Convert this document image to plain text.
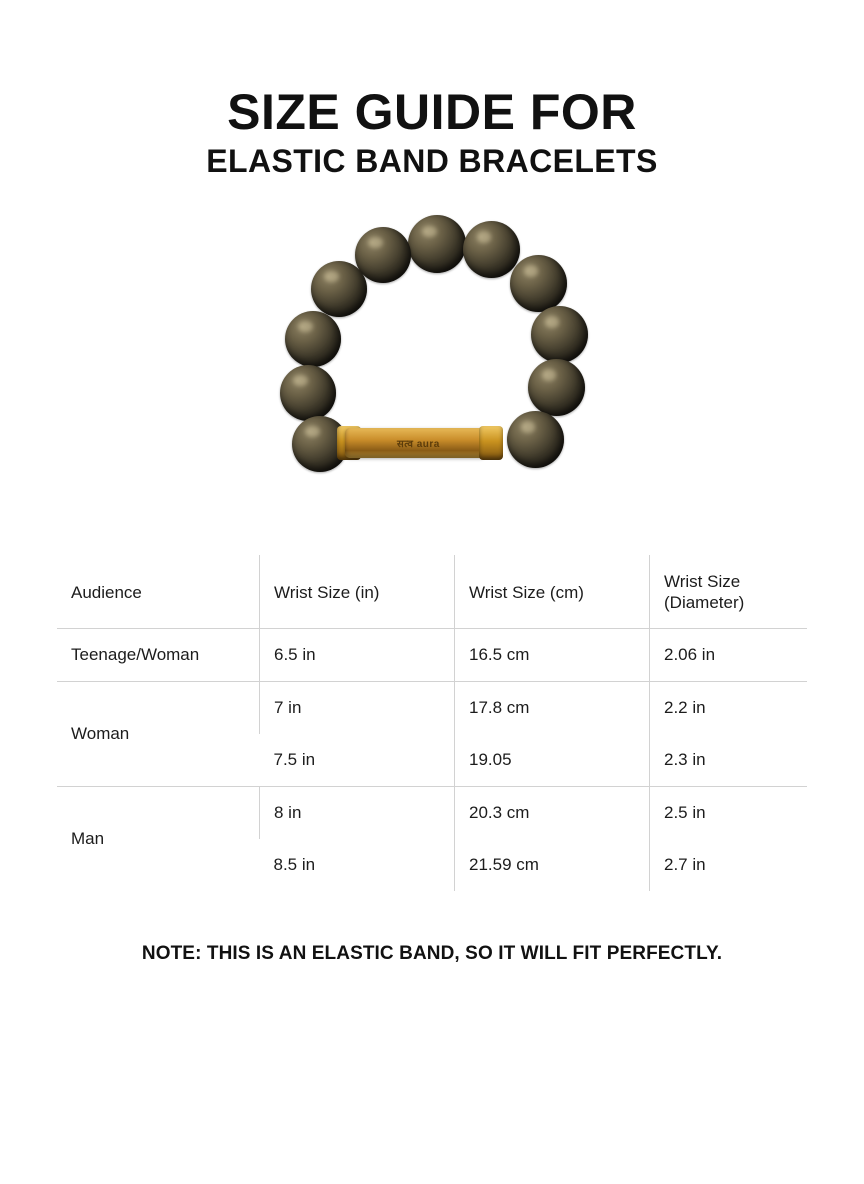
SIZE GUIDE FOR
ELASTIC BAND BRACELETS
सत्व aura
Audience	Wrist Size (in)	Wrist Size (cm)	Wrist Size (Diameter)
Teenage/Woman	6.5 in	16.5 cm	2.06 in
Woman	7 in	17.8 cm	2.2 in
	7.5 in	19.05	2.3 in
Man	8 in	20.3 cm	2.5 in
	8.5 in	21.59 cm	2.7 in
NOTE: THIS IS AN ELASTIC BAND, SO IT WILL FIT PERFECTLY.
